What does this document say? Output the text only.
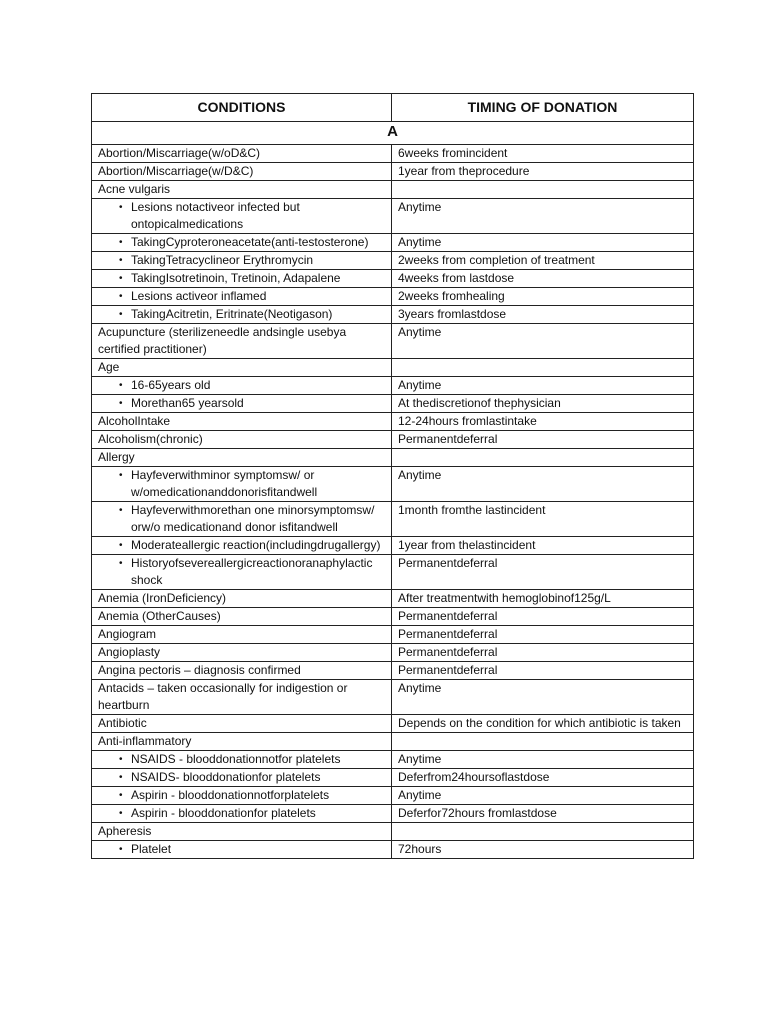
CONDITIONS	TIMING OF DONATION
A	
Abortion/Miscarriage(w/oD&C)	6weeks fromincident
Abortion/Miscarriage(w/D&C)	1year from theprocedure
Acne vulgaris	

• Lesions notactiveor infected but ontopicalmedications	Anytime

• TakingCyproteroneacetate(anti-testosterone)	Anytime

• TakingTetracyclineor Erythromycin	2weeks from completion of treatment

• TakingIsotretinoin, Tretinoin, Adapalene	4weeks from lastdose

• Lesions activeor inflamed	2weeks fromhealing

• TakingAcitretin, Eritrinate(Neotigason)	3years fromlastdose
Acupuncture (sterilizeneedle andsingle usebya certified practitioner)	Anytime
Age	

• 16-65years old	Anytime

• Morethan65 yearsold	At thediscretionof thephysician
AlcoholIntake	12-24hours fromlastintake
Alcoholism(chronic)	Permanentdeferral
Allergy	

• Hayfeverwithminor symptomsw/ or w/omedicationanddonorisfitandwell	Anytime

• Hayfeverwithmorethan one minorsymptomsw/ orw/o medicationand donor isfitandwell	1month fromthe lastincident

• Moderateallergic reaction(includingdrugallergy)	1year from thelastincident

• Historyofsevereallergicreactionoranaphylactic shock	Permanentdeferral
Anemia (IronDeficiency)	After treatmentwith hemoglobinof125g/L
Anemia (OtherCauses)	Permanentdeferral
Angiogram	Permanentdeferral
Angioplasty	Permanentdeferral
Angina pectoris – diagnosis confirmed	Permanentdeferral
Antacids – taken occasionally for indigestion or heartburn	Anytime
Antibiotic	Depends on the condition for which antibiotic is taken
Anti-inflammatory	

• NSAIDS - blooddonationnotfor platelets	Anytime

• NSAIDS- blooddonationfor platelets	Deferfrom24hoursoflastdose

• Aspirin - blooddonationnotforplatelets	Anytime

• Aspirin - blooddonationfor platelets	Deferfor72hours fromlastdose
Apheresis	

• Platelet	72hours
